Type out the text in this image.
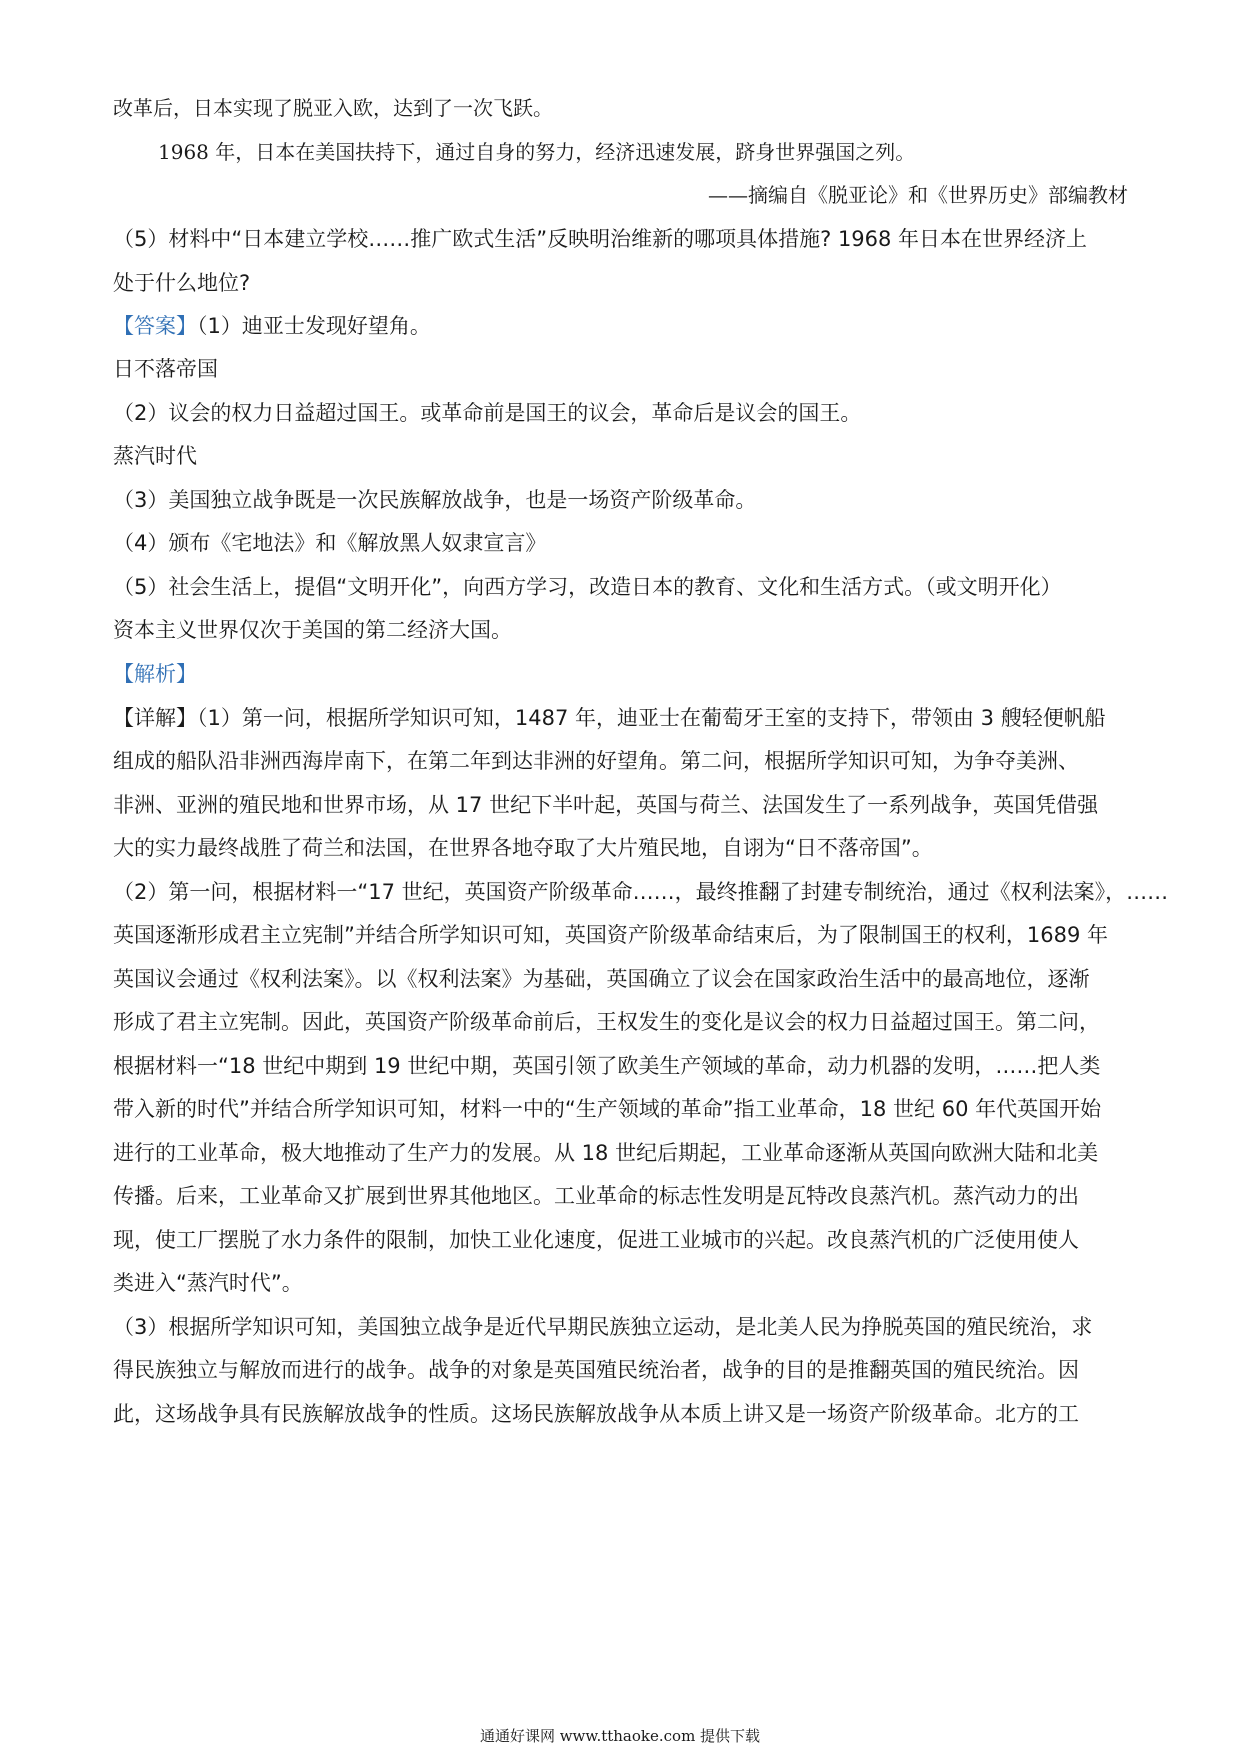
改革后，日本实现了脱亚入欧，达到了一次飞跃。
1968 年，日本在美国扶持下，通过自身的努力，经济迅速发展，跻身世界强国之列。
——摘编自《脱亚论》和《世界历史》部编教材
（5）材料中“日本建立学校……推广欧式生活”反映明治维新的哪项具体措施? 1968 年日本在世界经济上
处于什么地位?
【答案】（1）迪亚士发现好望角。
日不落帝国
（2）议会的权力日益超过国王。或革命前是国王的议会，革命后是议会的国王。
蒸汽时代
（3）美国独立战争既是一次民族解放战争，也是一场资产阶级革命。
（4）颁布《宅地法》和《解放黑人奴隶宣言》
（5）社会生活上，提倡“文明开化”，向西方学习，改造日本的教育、文化和生活方式。（或文明开化）
资本主义世界仅次于美国的第二经济大国。
【解析】
【详解】（1）第一问，根据所学知识可知，1487 年，迪亚士在葡萄牙王室的支持下，带领由 3 艘轻便帆船
组成的船队沿非洲西海岸南下，在第二年到达非洲的好望角。第二问，根据所学知识可知，为争夺美洲、
非洲、亚洲的殖民地和世界市场，从 17 世纪下半叶起，英国与荷兰、法国发生了一系列战争，英国凭借强
大的实力最终战胜了荷兰和法国，在世界各地夺取了大片殖民地，自诩为“日不落帝国”。
（2）第一问，根据材料一“17 世纪，英国资产阶级革命……，最终推翻了封建专制统治，通过《权利法案》，……
英国逐渐形成君主立宪制”并结合所学知识可知，英国资产阶级革命结束后，为了限制国王的权利，1689 年
英国议会通过《权利法案》。以《权利法案》为基础，英国确立了议会在国家政治生活中的最高地位，逐渐
形成了君主立宪制。因此，英国资产阶级革命前后，王权发生的变化是议会的权力日益超过国王。第二问，
根据材料一“18 世纪中期到 19 世纪中期，英国引领了欧美生产领域的革命，动力机器的发明，……把人类
带入新的时代”并结合所学知识可知，材料一中的“生产领域的革命”指工业革命，18 世纪 60 年代英国开始
进行的工业革命，极大地推动了生产力的发展。从 18 世纪后期起，工业革命逐渐从英国向欧洲大陆和北美
传播。后来，工业革命又扩展到世界其他地区。工业革命的标志性发明是瓦特改良蒸汽机。蒸汽动力的出
现，使工厂摆脱了水力条件的限制，加快工业化速度，促进工业城市的兴起。改良蒸汽机的广泛使用使人
类进入“蒸汽时代”。
（3）根据所学知识可知，美国独立战争是近代早期民族独立运动，是北美人民为挣脱英国的殖民统治，求
得民族独立与解放而进行的战争。战争的对象是英国殖民统治者，战争的目的是推翻英国的殖民统治。因
此，这场战争具有民族解放战争的性质。这场民族解放战争从本质上讲又是一场资产阶级革命。北方的工
通通好课网 www.tthaoke.com 提供下载
